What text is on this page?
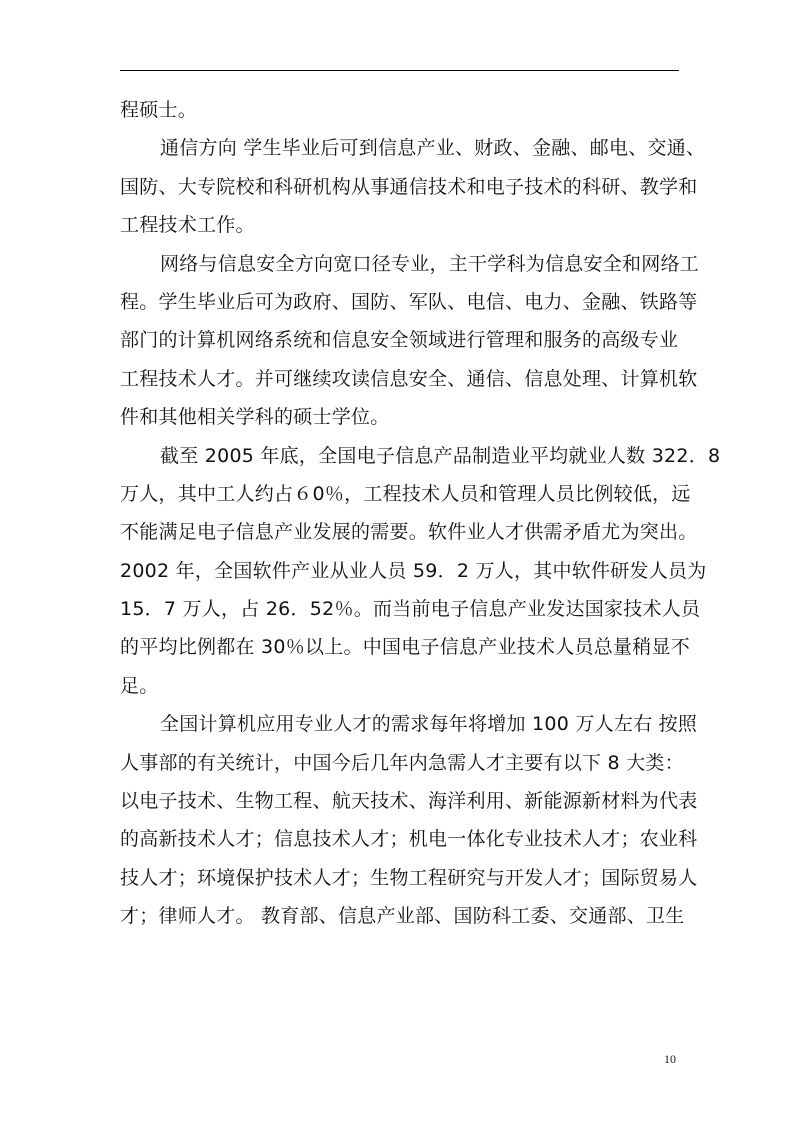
程硕士。
通信方向 学生毕业后可到信息产业、财政、金融、邮电、交通、
国防、大专院校和科研机构从事通信技术和电子技术的科研、教学和
工程技术工作。
网络与信息安全方向宽口径专业，主干学科为信息安全和网络工
程。学生毕业后可为政府、国防、军队、电信、电力、金融、铁路等
部门的计算机网络系统和信息安全领域进行管理和服务的高级专业
工程技术人才。并可继续攻读信息安全、通信、信息处理、计算机软
件和其他相关学科的硕士学位。
截至 2005 年底，全国电子信息产品制造业平均就业人数 322．8
万人，其中工人约占６0％，工程技术人员和管理人员比例较低，远
不能满足电子信息产业发展的需要。软件业人才供需矛盾尤为突出。
2002 年，全国软件产业从业人员 59．2 万人，其中软件研发人员为
15．7 万人，占 26．52％。而当前电子信息产业发达国家技术人员
的平均比例都在 30％以上。中国电子信息产业技术人员总量稍显不
足。
全国计算机应用专业人才的需求每年将增加 100 万人左右 按照
人事部的有关统计，中国今后几年内急需人才主要有以下 8 大类：
以电子技术、生物工程、航天技术、海洋利用、新能源新材料为代表
的高新技术人才；信息技术人才；机电一体化专业技术人才；农业科
技人才；环境保护技术人才；生物工程研究与开发人才；国际贸易人
才；律师人才。 教育部、信息产业部、国防科工委、交通部、卫生
10
